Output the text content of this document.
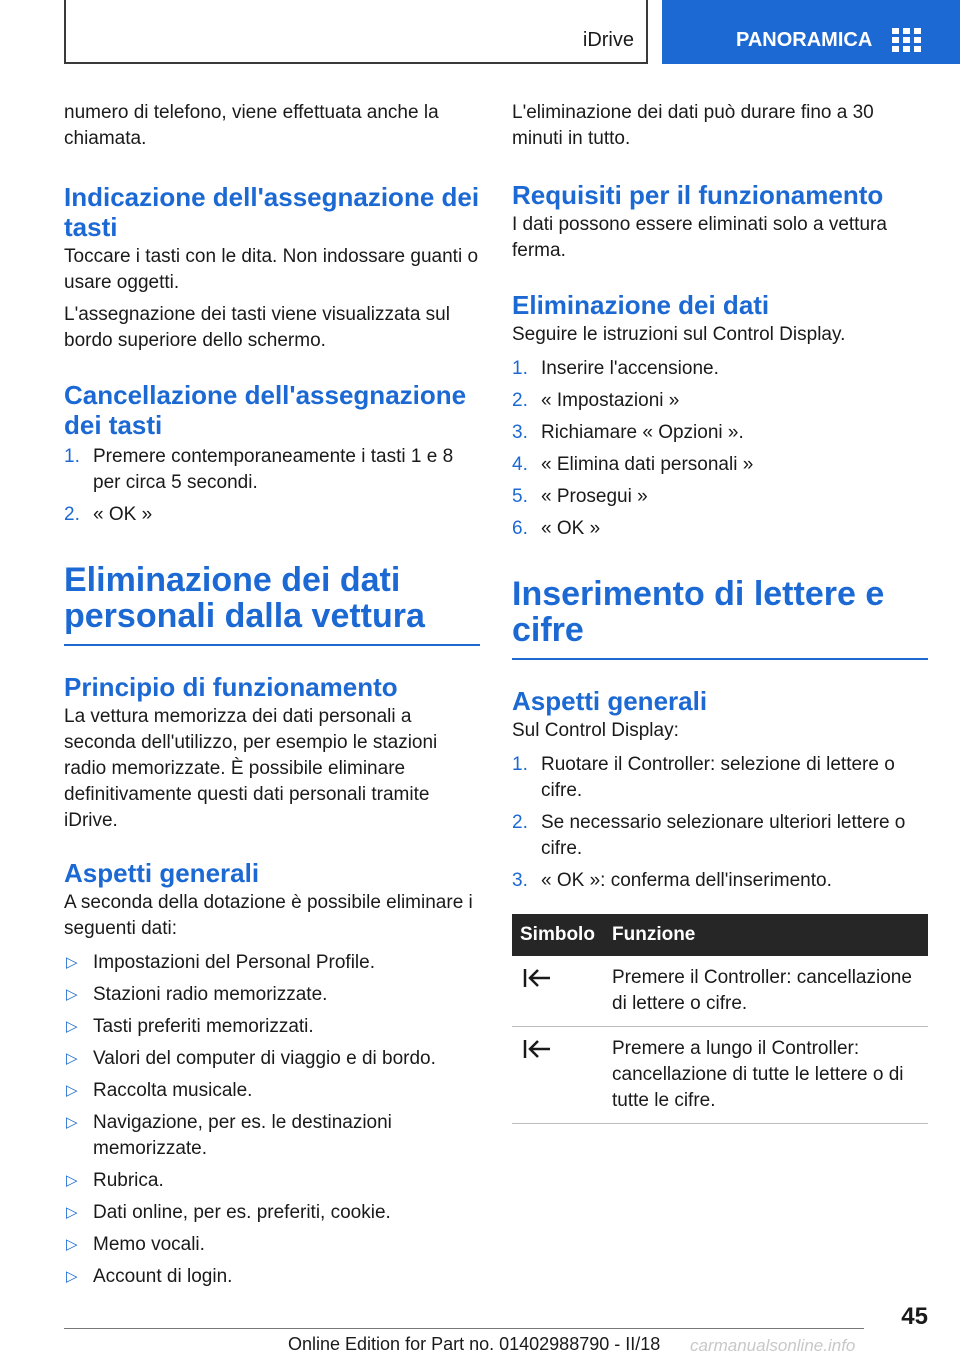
iDrive	PANORAMICA

numero di telefono, viene effettuata anche la chiamata.

Indicazione dell'assegnazione dei tasti

Toccare i tasti con le dita. Non indossare guanti o usare oggetti.

L'assegnazione dei tasti viene visualizzata sul bordo superiore dello schermo.

Cancellazione dell'assegnazione dei tasti
1. Premere contemporaneamente i tasti 1 e 8 per circa 5 secondi.
2. « OK »
Eliminazione dei dati personali dalla vettura
Principio di funzionamento

La vettura memorizza dei dati personali a seconda dell'utilizzo, per esempio le stazioni radio memorizzate. È possibile eliminare definitivamente questi dati personali tramite iDrive.

Aspetti generali

A seconda della dotazione è possibile eliminare i seguenti dati:

▷ Impostazioni del Personal Profile.
▷ Stazioni radio memorizzate.
▷ Tasti preferiti memorizzati.
▷ Valori del computer di viaggio e di bordo.
▷ Raccolta musicale.
▷ Navigazione, per es. le destinazioni memorizzate.
▷ Rubrica.
▷ Dati online, per es. preferiti, cookie.
▷ Memo vocali.
▷ Account di login.

L'eliminazione dei dati può durare fino a 30 minuti in tutto.

Requisiti per il funzionamento

I dati possono essere eliminati solo a vettura ferma.

Eliminazione dei dati

Seguire le istruzioni sul Control Display.

1. Inserire l'accensione.
2. « Impostazioni »
3. Richiamare « Opzioni ».
4. « Elimina dati personali »
5. « Prosegui »
6. « OK »
Inserimento di lettere e cifre
Aspetti generali

Sul Control Display:

1. Ruotare il Controller: selezione di lettere o cifre.
2. Se necessario selezionare ulteriori lettere o cifre.
3. « OK »: conferma dell'inserimento.
Simbolo	Funzione
	Premere il Controller: cancellazione di lettere o cifre.
	Premere a lungo il Controller: cancellazione di tutte le lettere o di tutte le cifre.
45
Online Edition for Part no. 01402988790 - II/18 carmanualsonline.info
